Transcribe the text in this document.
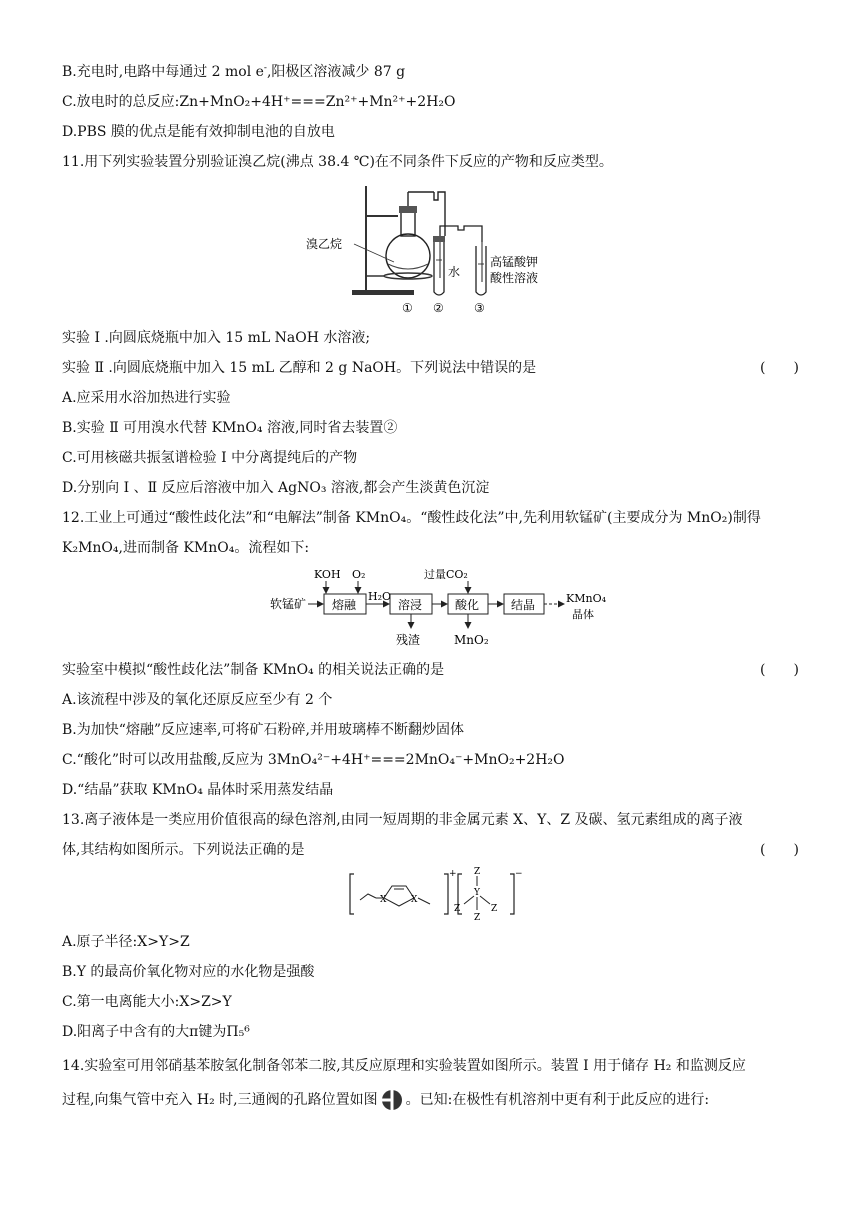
B.充电时,电路中每通过 2 mol e-,阳极区溶液减少 87 g
C.放电时的总反应:Zn+MnO₂+4H⁺===Zn²⁺+Mn²⁺+2H₂O
D.PBS 膜的优点是能有效抑制电池的自放电
11.用下列实验装置分别验证溴乙烷(沸点 38.4 ℃)在不同条件下反应的产物和反应类型。
溴乙烷
水
高锰酸钾
酸性溶液
① ②	③
实验 Ⅰ .向圆底烧瓶中加入 15 mL NaOH 水溶液;
实验 Ⅱ .向圆底烧瓶中加入 15 mL 乙醇和 2 g NaOH。下列说法中错误的是	(　　)
A.应采用水浴加热进行实验
B.实验 Ⅱ 可用溴水代替 KMnO₄ 溶液,同时省去装置②
C.可用核磁共振氢谱检验 Ⅰ 中分离提纯后的产物
D.分别向 Ⅰ 、Ⅱ 反应后溶液中加入 AgNO₃ 溶液,都会产生淡黄色沉淀
12.工业上可通过“酸性歧化法”和“电解法”制备 KMnO₄。“酸性歧化法”中,先利用软锰矿(主要成分为 MnO₂)制得
K₂MnO₄,进而制备 KMnO₄。流程如下:
软锰矿 熔融
KOH O₂
H₂O
溶浸
残渣
酸化
过量CO₂
MnO₂
结晶	KMnO₄
晶体
实验室中模拟“酸性歧化法”制备 KMnO₄ 的相关说法正确的是	(　　)
A.该流程中涉及的氧化还原反应至少有 2 个
B.为加快“熔融”反应速率,可将矿石粉碎,并用玻璃棒不断翻炒固体
C.“酸化”时可以改用盐酸,反应为 3MnO₄²⁻+4H⁺===2MnO₄⁻+MnO₂+2H₂O
D.“结晶”获取 KMnO₄ 晶体时采用蒸发结晶
13.离子液体是一类应用价值很高的绿色溶剂,由同一短周期的非金属元素 X、Y、Z 及碳、氢元素组成的离子液
体,其结构如图所示。下列说法正确的是	(　　)
+
X	X
−
Z
Y
Z	Z
Z
A.原子半径:X>Y>Z
B.Y 的最高价氧化物对应的水化物是强酸
C.第一电离能大小:X>Z>Y
D.阳离子中含有的大π键为Π₅⁶
14.实验室可用邻硝基苯胺氢化制备邻苯二胺,其反应原理和实验装置如图所示。装置 Ⅰ 用于储存 H₂ 和监测反应
过程,向集气管中充入 H₂ 时,三通阀的孔路位置如图 。已知:在极性有机溶剂中更有利于此反应的进行:
